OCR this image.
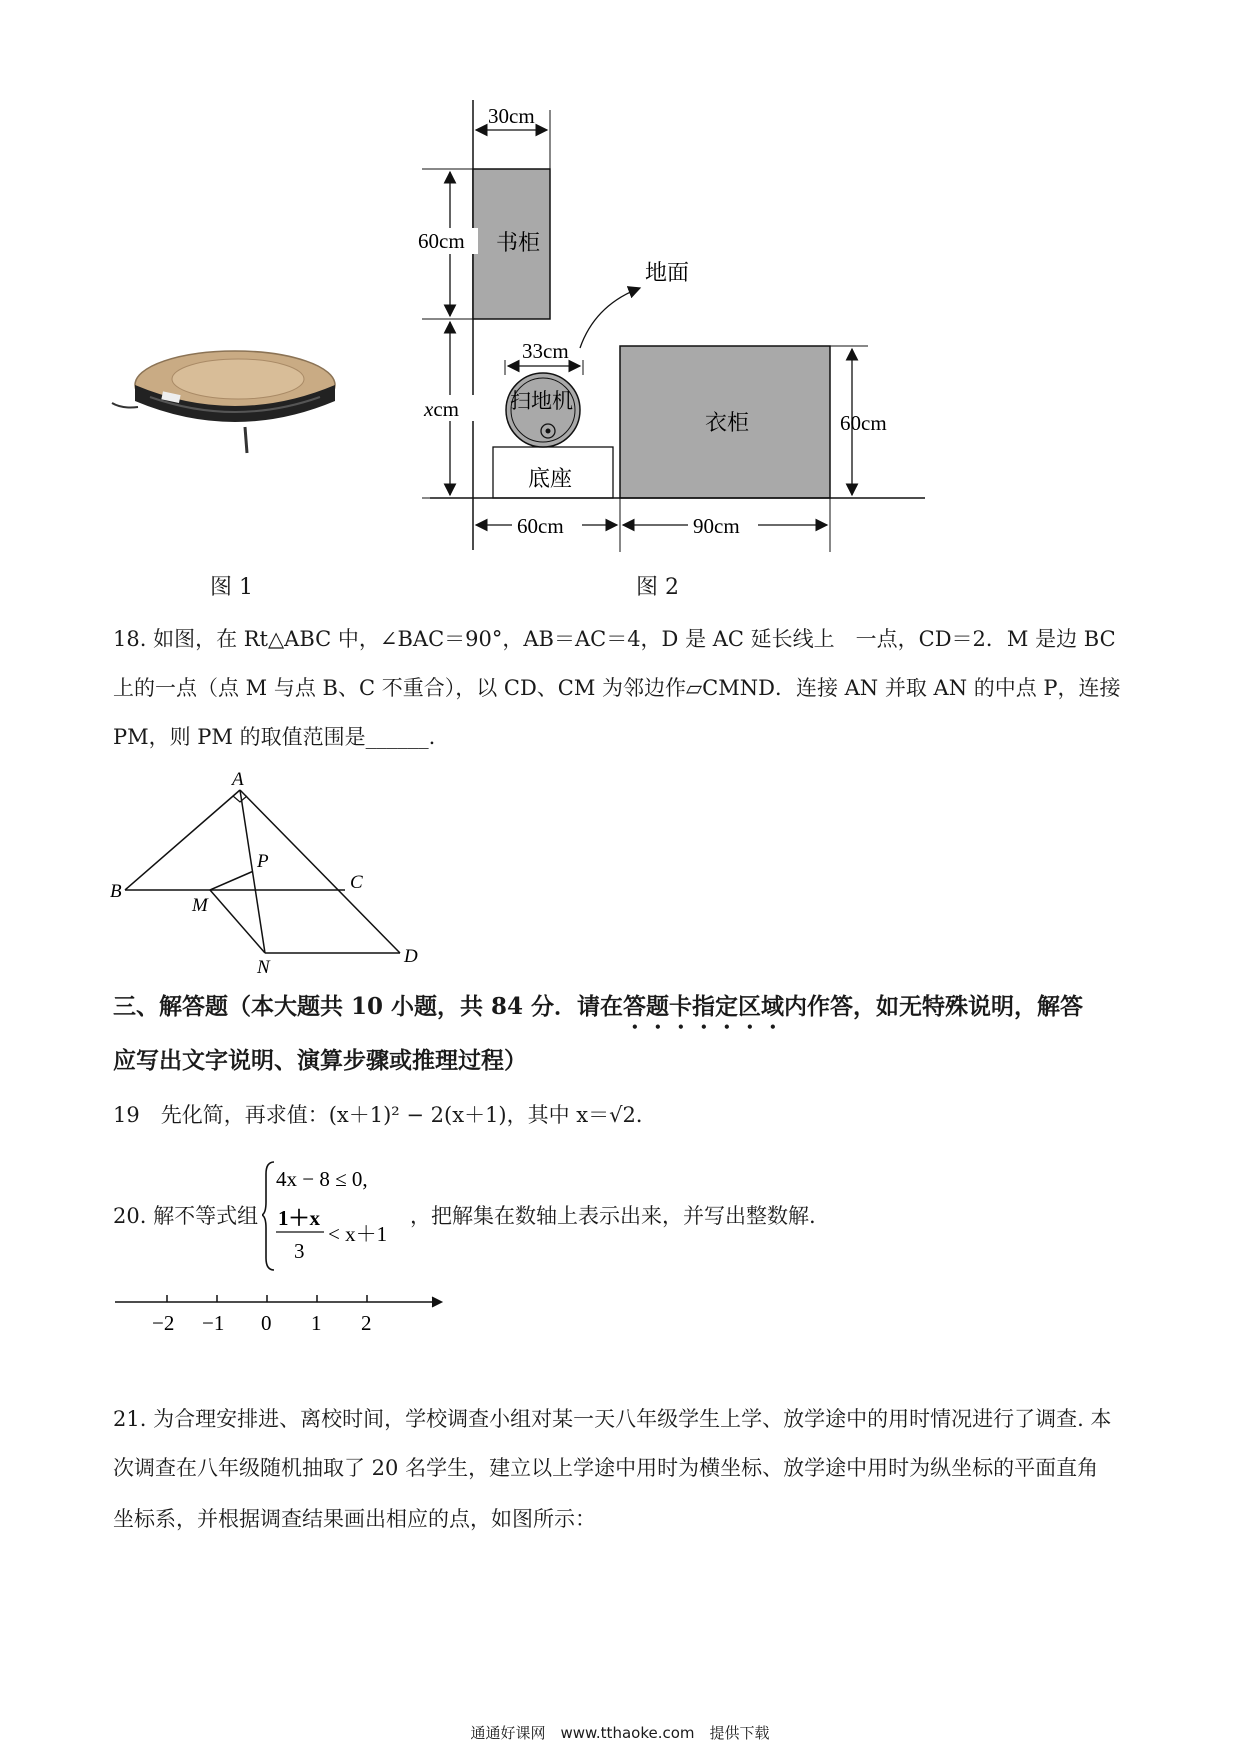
图 1
书柜
30cm
60cm
xcm
地面
底座
扫地机
33cm
衣柜	60cm
60cm	90cm
图 2
18. 如图，在 Rt△ABC 中，∠BAC＝90°，AB＝AC＝4，D 是 AC 延长线上　一点，CD＝2．M 是边 BC
上的一点（点 M 与点 B、C 不重合），以 CD、CM 为邻边作▱CMND．连接 AN 并取 AN 的中点 P，连接
PM，则 PM 的取值范围是______.
A
B	C
D
M
N
P
三、解答题（本大题共 10 小题，共 84 分．请在答题卡指定区域内作答，如无特殊说明，解答
应写出文字说明、演算步骤或推理过程）
19　先化简，再求值：(x＋1)² − 2(x＋1)，其中 x＝√2．
20. 解不等式组
4x − 8 ≤ 0,
1＋x
3
< x＋1
，把解集在数轴上表示出来，并写出整数解.
−2 −1 0 1 2
21. 为合理安排进、离校时间，学校调查小组对某一天八年级学生上学、放学途中的用时情况进行了调查. 本
次调查在八年级随机抽取了 20 名学生，建立以上学途中用时为横坐标、放学途中用时为纵坐标的平面直角
坐标系，并根据调查结果画出相应的点，如图所示：
通通好课网　www.tthaoke.com　提供下载
